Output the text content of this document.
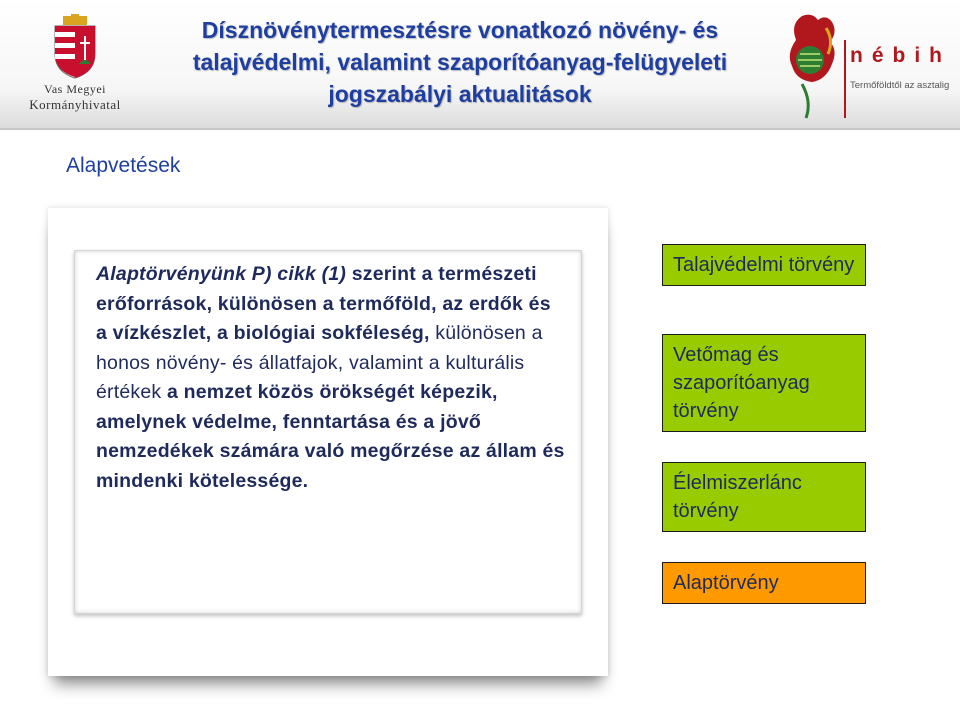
Vas Megyei
Kormányhivatal
Dísznövénytermesztésre vonatkozó növény- és
talajvédelmi, valamint szaporítóanyag-felügyeleti
jogszabályi aktualitások
nébih
Termőföldtől az asztalig
Alapvetések
Alaptörvényünk P) cikk (1) szerint a természeti erőforrások, különösen a termőföld, az erdők és a vízkészlet, a biológiai sokféleség, különösen a honos növény- és állatfajok, valamint a kulturális értékek a nemzet közös örökségét képezik, amelynek védelme, fenntartása és a jövő nemzedékek számára való megőrzése az állam és mindenki kötelessége.
Talajvédelmi törvény
Vetőmag és szaporítóanyag törvény
Élelmiszerlánc törvény
Alaptörvény
